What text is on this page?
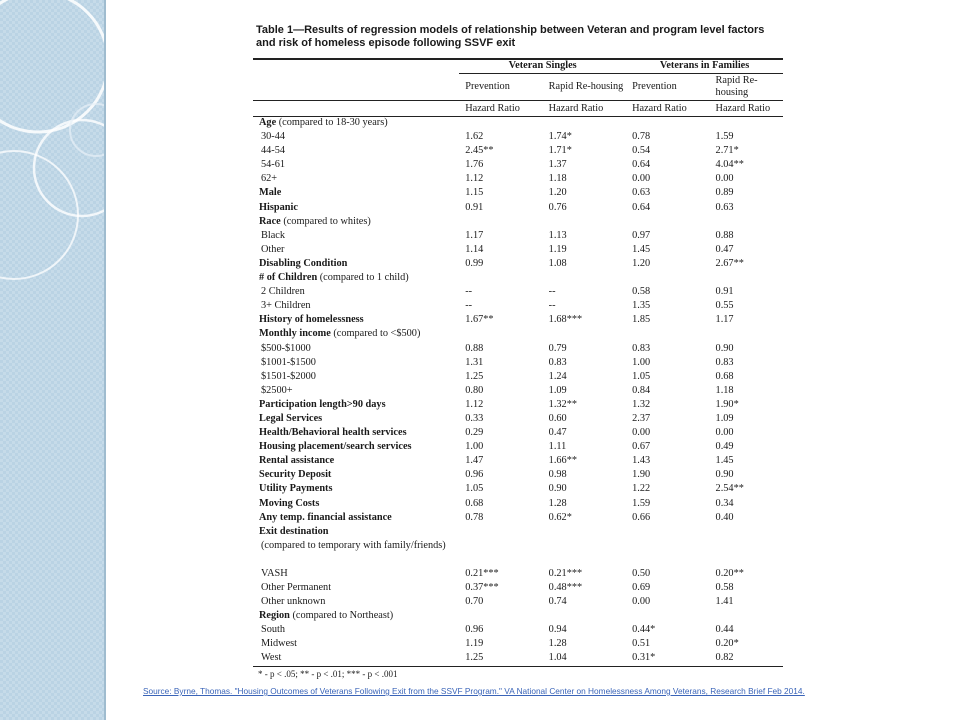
Table 1—Results of regression models of relationship between Veteran and program level factors and risk of homeless episode following SSVF exit
	Veteran Singles		Veterans in Families	
	Prevention	Rapid Re-housing	Prevention	Rapid Re-housing
	Hazard Ratio	Hazard Ratio	Hazard Ratio	Hazard Ratio
Age (compared to 18-30 years)				
30-44	1.62	1.74*	0.78	1.59
44-54	2.45**	1.71*	0.54	2.71*
54-61	1.76	1.37	0.64	4.04**
62+	1.12	1.18	0.00	0.00
Male	1.15	1.20	0.63	0.89
Hispanic	0.91	0.76	0.64	0.63
Race (compared to whites)				
Black	1.17	1.13	0.97	0.88
Other	1.14	1.19	1.45	0.47
Disabling Condition	0.99	1.08	1.20	2.67**
# of Children (compared to 1 child)				
2 Children	--	--	0.58	0.91
3+ Children	--	--	1.35	0.55
History of homelessness	1.67**	1.68***	1.85	1.17
Monthly income (compared to <$500)				
$500-$1000	0.88	0.79	0.83	0.90
$1001-$1500	1.31	0.83	1.00	0.83
$1501-$2000	1.25	1.24	1.05	0.68
$2500+	0.80	1.09	0.84	1.18
Participation length>90 days	1.12	1.32**	1.32	1.90*
Legal Services	0.33	0.60	2.37	1.09
Health/Behavioral health services	0.29	0.47	0.00	0.00
Housing placement/search services	1.00	1.11	0.67	0.49
Rental assistance	1.47	1.66**	1.43	1.45
Security Deposit	0.96	0.98	1.90	0.90
Utility Payments	1.05	0.90	1.22	2.54**
Moving Costs	0.68	1.28	1.59	0.34
Any temp. financial assistance	0.78	0.62*	0.66	0.40
Exit destination				
(compared to temporary with family/friends)				
VASH	0.21***	0.21***	0.50	0.20**
Other Permanent	0.37***	0.48***	0.69	0.58
Other unknown	0.70	0.74	0.00	1.41
Region (compared to Northeast)				
South	0.96	0.94	0.44*	0.44
Midwest	1.19	1.28	0.51	0.20*
West	1.25	1.04	0.31*	0.82
* - p < .05; ** - p < .01; *** - p < .001
Source: Byrne, Thomas. "Housing Outcomes of Veterans Following Exit from the SSVF Program." VA National Center on Homelessness Among Veterans, Research Brief Feb 2014.
